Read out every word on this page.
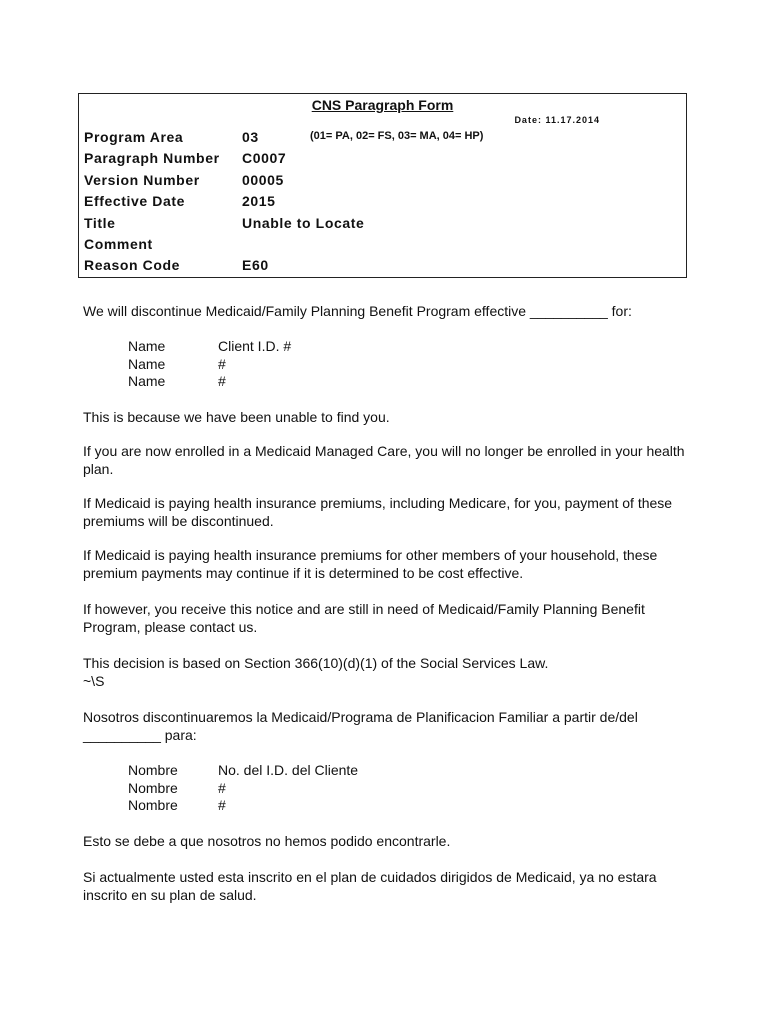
CNS Paragraph Form
Date: 11.17.2014
Program Area	03	(01= PA, 02= FS, 03= MA, 04= HP)
Paragraph Number C0007
Version Number	00005
Effective Date	2015
Title	Unable to Locate
Comment
Reason Code	E60
We will discontinue Medicaid/Family Planning Benefit Program effective __________ for:
Name	Client I.D. #
Name	#
Name	#
This is because we have been unable to find you.
If you are now enrolled in a Medicaid Managed Care, you will no longer be enrolled in your health plan.
If Medicaid is paying health insurance premiums, including Medicare, for you, payment of these premiums will be discontinued.
If Medicaid is paying health insurance premiums for other members of your household, these premium payments may continue if it is determined to be cost effective.
If however, you receive this notice and are still in need of Medicaid/Family Planning Benefit Program, please contact us.
This decision is based on Section 366(10)(d)(1) of the Social Services Law.
~\S
Nosotros discontinuaremos la Medicaid/Programa de Planificacion Familiar a partir de/del __________ para:
Nombre	No. del I.D. del Cliente
Nombre	#
Nombre	#
Esto se debe a que nosotros no hemos podido encontrarle.
Si actualmente usted esta inscrito en el plan de cuidados dirigidos de Medicaid, ya no estara inscrito en su plan de salud.
